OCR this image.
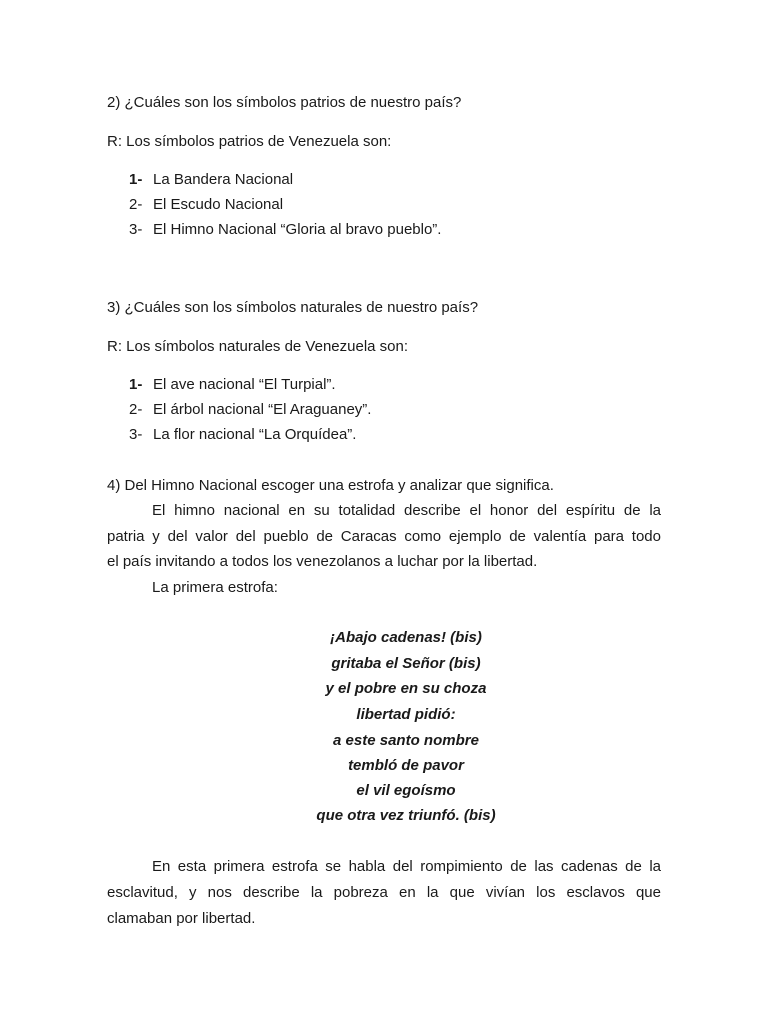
2) ¿Cuáles son los símbolos patrios de nuestro país?
R: Los símbolos patrios de Venezuela son:
1- La Bandera Nacional
2- El Escudo Nacional
3- El Himno Nacional “Gloria al bravo pueblo”.
3) ¿Cuáles son los símbolos naturales de nuestro país?
R: Los símbolos naturales de Venezuela son:
1- El ave nacional “El Turpial”.
2- El árbol nacional “El Araguaney”.
3- La flor nacional “La Orquídea”.
4) Del Himno Nacional escoger una estrofa y analizar que significa.
El himno nacional en su totalidad describe el honor del espíritu de la
patria y del valor del pueblo de Caracas como ejemplo de valentía para todo
el país invitando a todos los venezolanos a luchar por la libertad.
La primera estrofa:
¡Abajo cadenas! (bis)
gritaba el Señor (bis)
y el pobre en su choza
libertad pidió:
a este santo nombre
tembló de pavor
el vil egoísmo
que otra vez triunfó. (bis)
En esta primera estrofa se habla del rompimiento de las cadenas de la
esclavitud, y nos describe la pobreza en la que vivían los esclavos que
clamaban por libertad.
